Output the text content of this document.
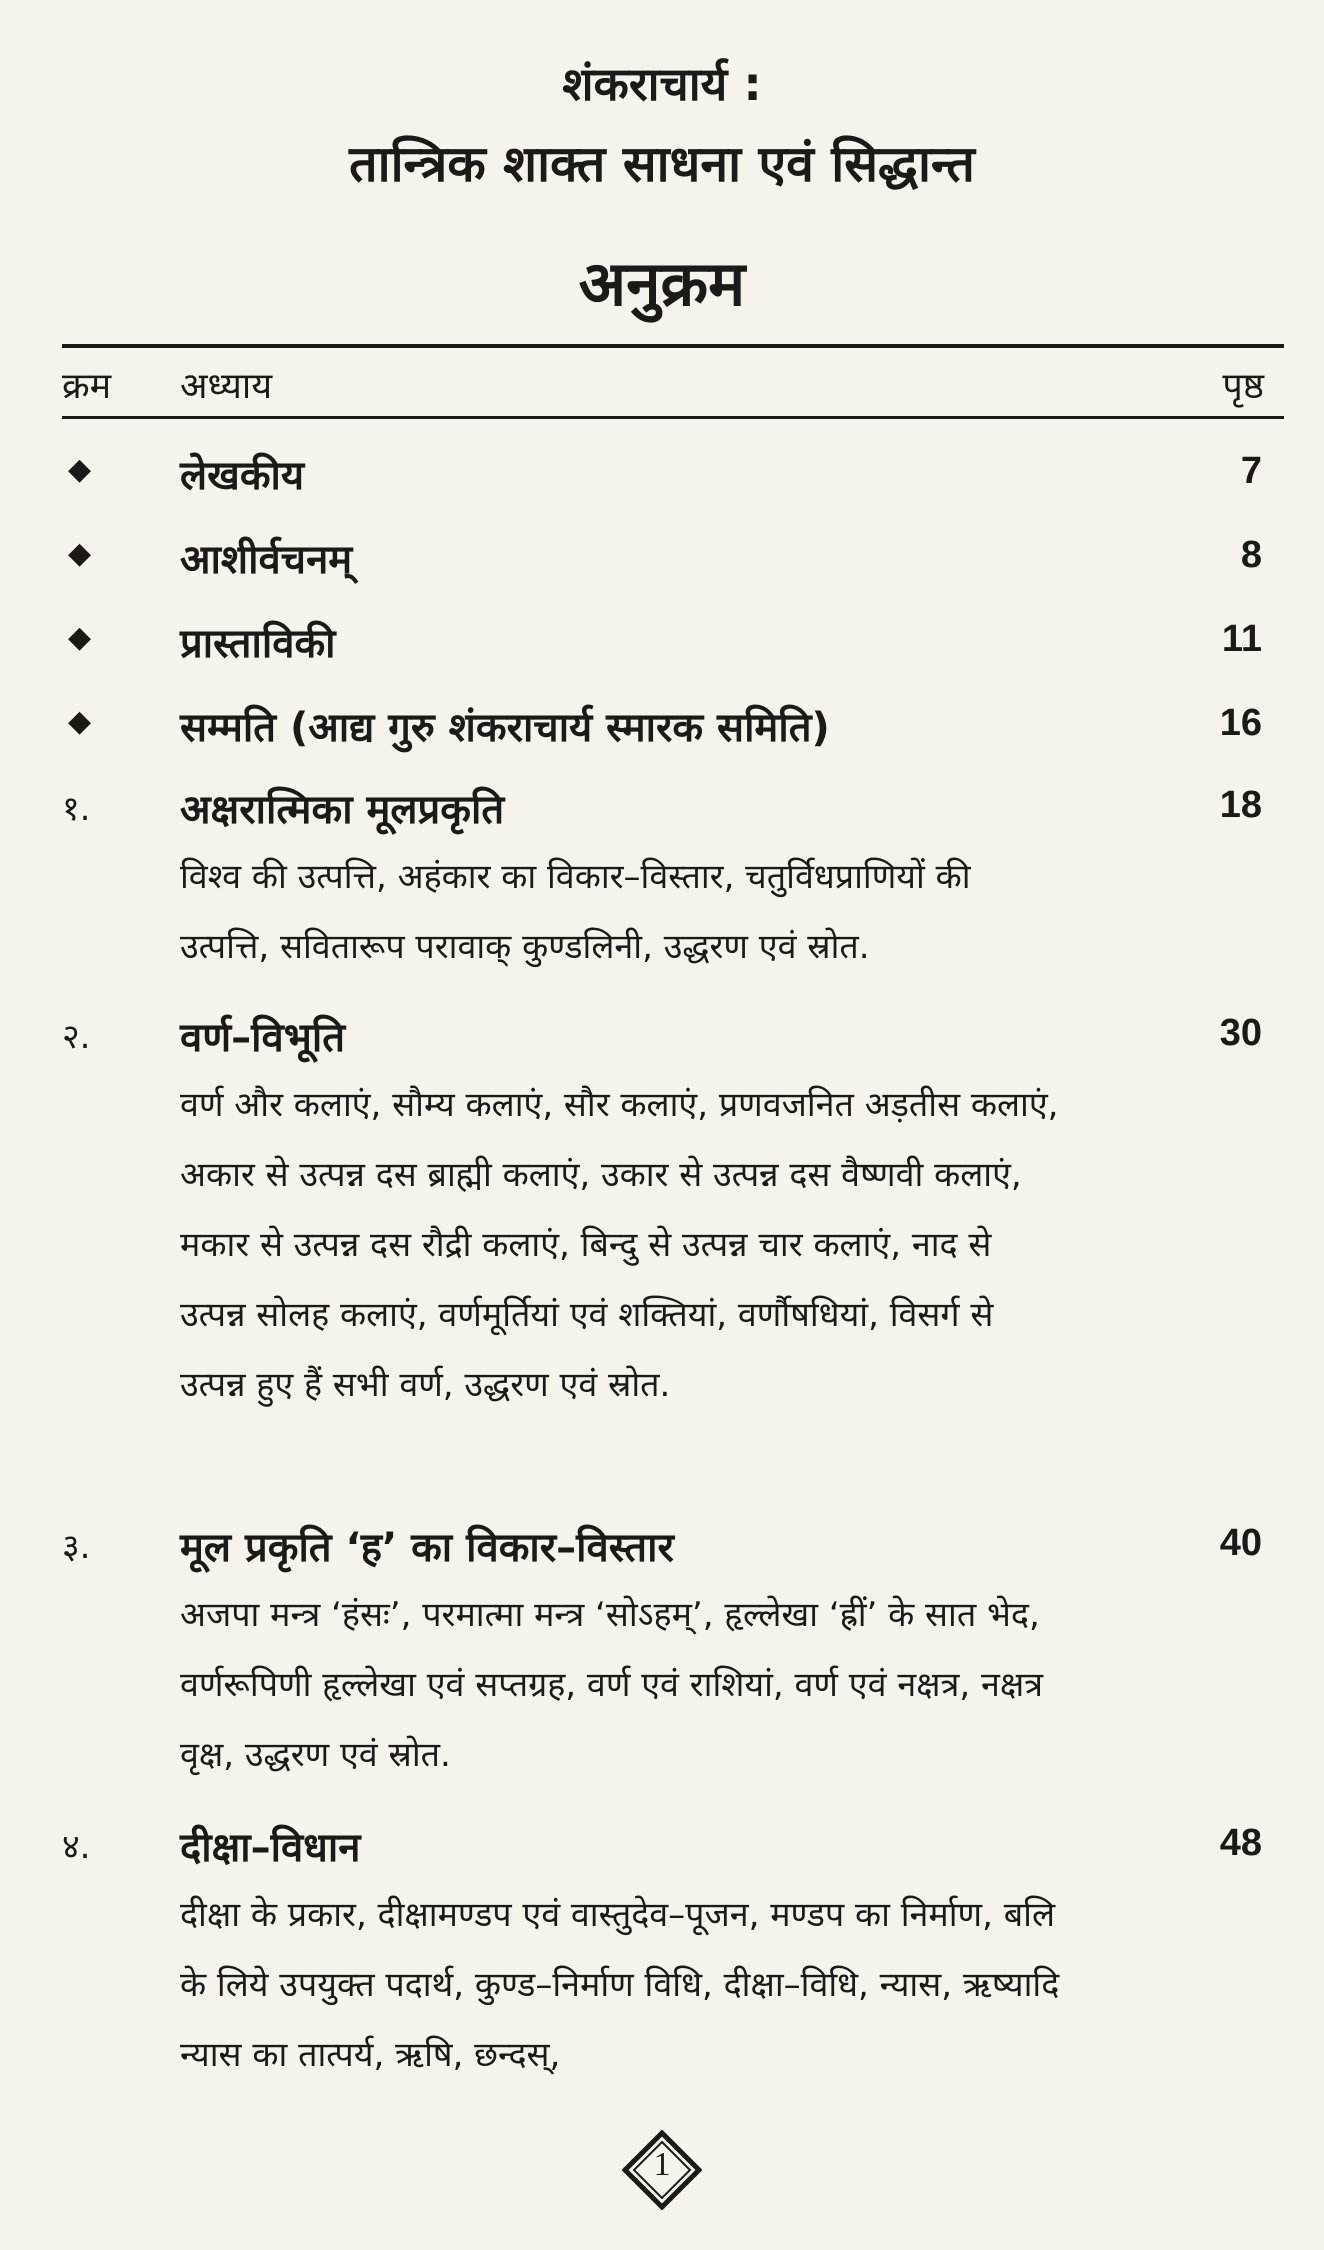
शंकराचार्य :
तान्त्रिक शाक्त साधना एवं सिद्धान्त
अनुक्रम
क्रम अध्याय	पृष्ठ
◆ लेखकीय	7
◆ आशीर्वचनम्	8
◆ प्रास्ताविकी	11
◆ सम्मति (आद्य गुरु शंकराचार्य स्मारक समिति)	16
१. अक्षरात्मिका मूलप्रकृति	18
विश्व की उत्पत्ति, अहंकार का विकार–विस्तार, चतुर्विधप्राणियों की उत्पत्ति, सवितारूप परावाक् कुण्डलिनी, उद्धरण एवं स्रोत.
२. वर्ण–विभूति	30
वर्ण और कलाएं, सौम्य कलाएं, सौर कलाएं, प्रणवजनित अड़तीस कलाएं, अकार से उत्पन्न दस ब्राह्मी कलाएं, उकार से उत्पन्न दस वैष्णवी कलाएं, मकार से उत्पन्न दस रौद्री कलाएं, बिन्दु से उत्पन्न चार कलाएं, नाद से उत्पन्न सोलह कलाएं, वर्णमूर्तियां एवं शक्तियां, वर्णौषधियां, विसर्ग से उत्पन्न हुए हैं सभी वर्ण, उद्धरण एवं स्रोत.
३. मूल प्रकृति ‘ह’ का विकार–विस्तार	40
अजपा मन्त्र ‘हंसः’, परमात्मा मन्त्र ‘सोऽहम्’, हृल्लेखा ‘ह्रीं’ के सात भेद, वर्णरूपिणी हृल्लेखा एवं सप्तग्रह, वर्ण एवं राशियां, वर्ण एवं नक्षत्र, नक्षत्र वृक्ष, उद्धरण एवं स्रोत.
४. दीक्षा–विधान	48
दीक्षा के प्रकार, दीक्षामण्डप एवं वास्तुदेव–पूजन, मण्डप का निर्माण, बलि के लिये उपयुक्त पदार्थ, कुण्ड–निर्माण विधि, दीक्षा–विधि, न्यास, ऋष्यादि न्यास का तात्पर्य, ऋषि, छन्दस्,
1
